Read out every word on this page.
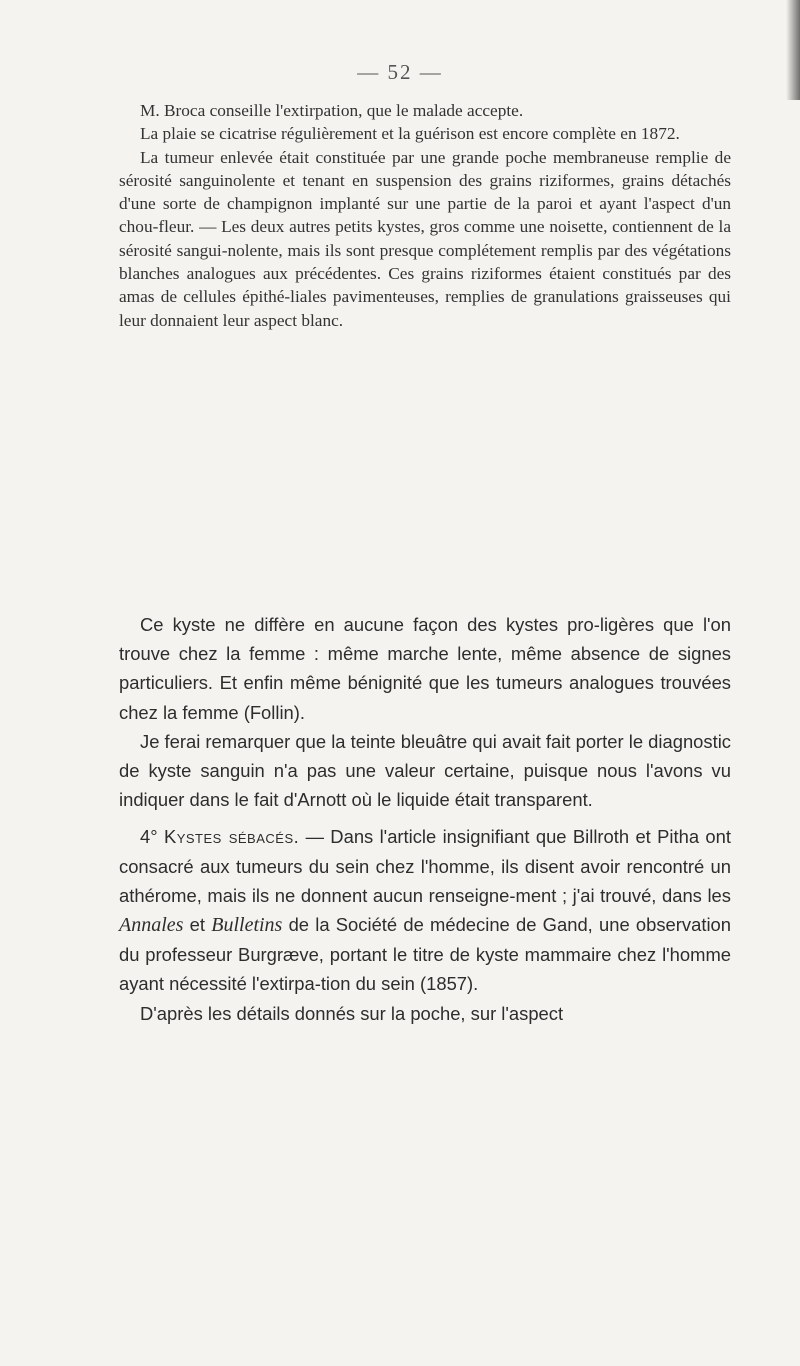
— 52 —

M. Broca conseille l'extirpation, que le malade accepte.

La plaie se cicatrise régulièrement et la guérison est encore complète en 1872.

La tumeur enlevée était constituée par une grande poche membraneuse remplie de sérosité sanguinolente et tenant en suspension des grains riziformes, grains détachés d'une sorte de champignon implanté sur une partie de la paroi et ayant l'aspect d'un chou-fleur. — Les deux autres petits kystes, gros comme une noisette, contiennent de la sérosité sangui-nolente, mais ils sont presque complétement remplis par des végétations blanches analogues aux précédentes. Ces grains riziformes étaient constitués par des amas de cellules épithé-liales pavimenteuses, remplies de granulations graisseuses qui leur donnaient leur aspect blanc.

Ce kyste ne diffère en aucune façon des kystes pro-ligères que l'on trouve chez la femme : même marche lente, même absence de signes particuliers. Et enfin même bénignité que les tumeurs analogues trouvées chez la femme (Follin).

Je ferai remarquer que la teinte bleuâtre qui avait fait porter le diagnostic de kyste sanguin n'a pas une valeur certaine, puisque nous l'avons vu indiquer dans le fait d'Arnott où le liquide était transparent.

4° Kystes sébacés. — Dans l'article insignifiant que Billroth et Pitha ont consacré aux tumeurs du sein chez l'homme, ils disent avoir rencontré un athérome, mais ils ne donnent aucun renseigne-ment ; j'ai trouvé, dans les Annales et Bulletins de la Société de médecine de Gand, une observation du professeur Burgræve, portant le titre de kyste mammaire chez l'homme ayant nécessité l'extirpa-tion du sein (1857).

D'après les détails donnés sur la poche, sur l'aspect
